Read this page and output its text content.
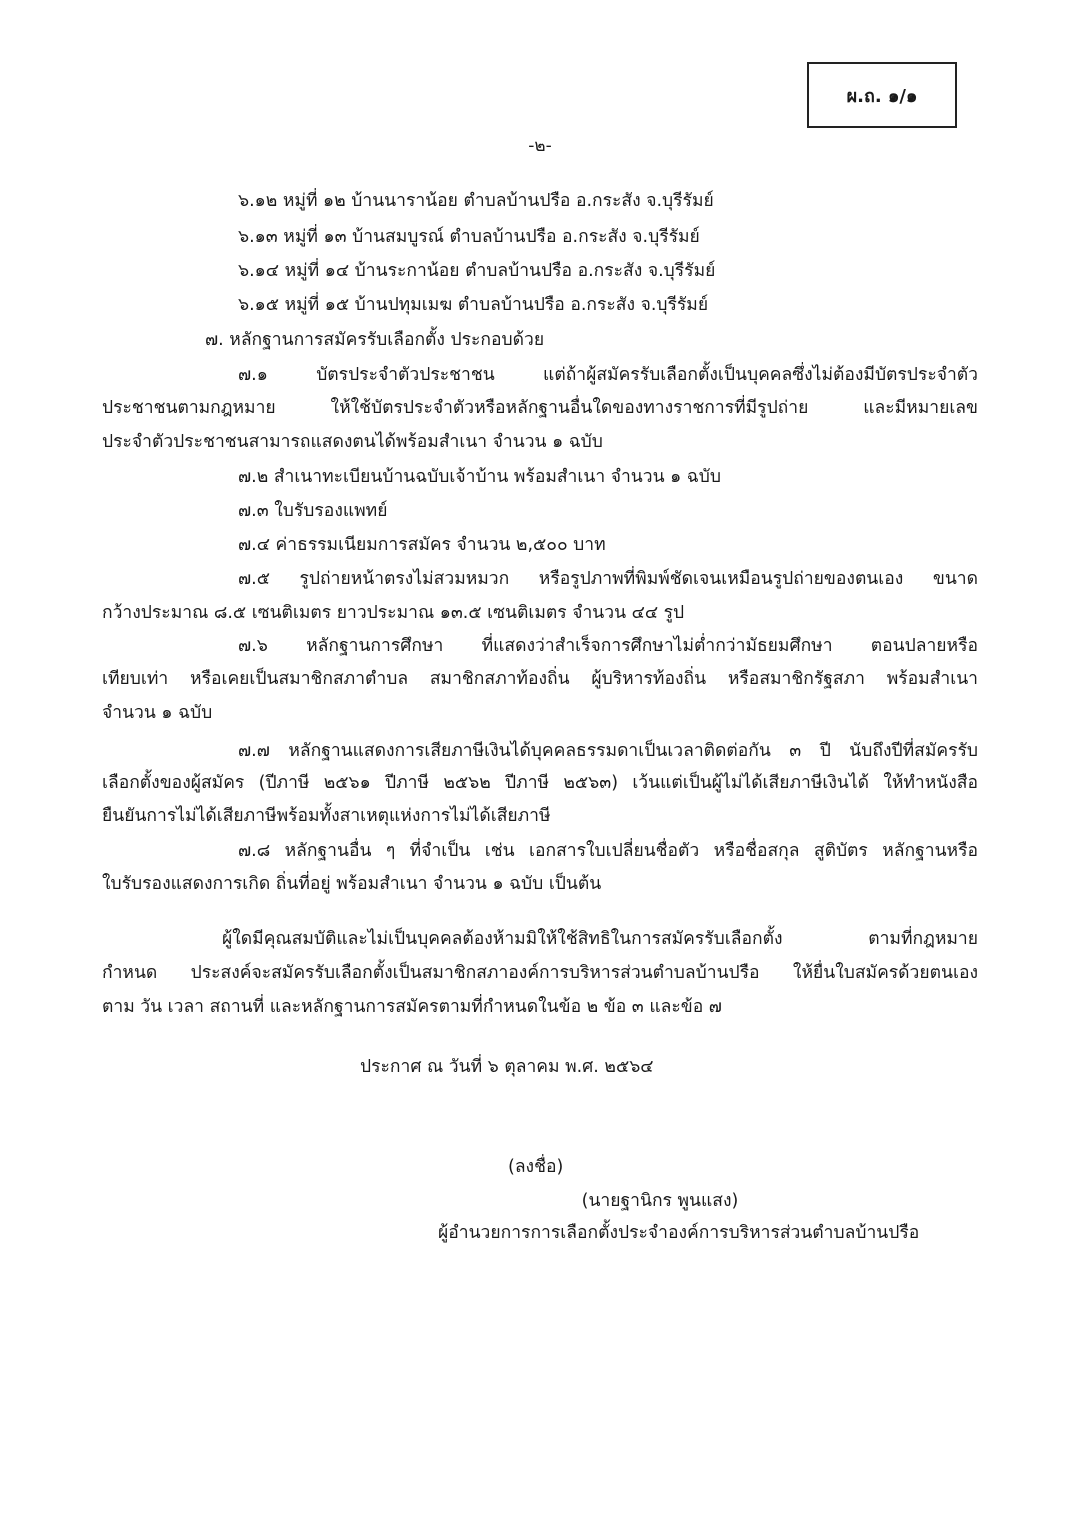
ผ.ถ. ๑/๑
-๒-
๖.๑๒ หมู่ที่ ๑๒ บ้านนาราน้อย ตำบลบ้านปรือ อ.กระสัง จ.บุรีรัมย์
๖.๑๓ หมู่ที่ ๑๓ บ้านสมบูรณ์ ตำบลบ้านปรือ อ.กระสัง จ.บุรีรัมย์
๖.๑๔ หมู่ที่ ๑๔ บ้านระกาน้อย ตำบลบ้านปรือ อ.กระสัง จ.บุรีรัมย์
๖.๑๕ หมู่ที่ ๑๕ บ้านปทุมเมฆ ตำบลบ้านปรือ อ.กระสัง จ.บุรีรัมย์
๗. หลักฐานการสมัครรับเลือกตั้ง ประกอบด้วย
๗.๑ บัตรประจำตัวประชาชน แต่ถ้าผู้สมัครรับเลือกตั้งเป็นบุคคลซึ่งไม่ต้องมีบัตรประจำตัว
ประชาชนตามกฎหมาย ให้ใช้บัตรประจำตัวหรือหลักฐานอื่นใดของทางราชการที่มีรูปถ่าย และมีหมายเลข
ประจำตัวประชาชนสามารถแสดงตนได้พร้อมสำเนา จำนวน ๑ ฉบับ
๗.๒ สำเนาทะเบียนบ้านฉบับเจ้าบ้าน พร้อมสำเนา จำนวน ๑ ฉบับ
๗.๓ ใบรับรองแพทย์
๗.๔ ค่าธรรมเนียมการสมัคร จำนวน ๒,๕๐๐ บาท
๗.๕ รูปถ่ายหน้าตรงไม่สวมหมวก หรือรูปภาพที่พิมพ์ชัดเจนเหมือนรูปถ่ายของตนเอง ขนาด
กว้างประมาณ ๘.๕ เซนติเมตร ยาวประมาณ ๑๓.๕ เซนติเมตร จำนวน ๔๔ รูป
๗.๖ หลักฐานการศึกษา ที่แสดงว่าสำเร็จการศึกษาไม่ต่ำกว่ามัธยมศึกษา ตอนปลายหรือ
เทียบเท่า หรือเคยเป็นสมาชิกสภาตำบล สมาชิกสภาท้องถิ่น ผู้บริหารท้องถิ่น หรือสมาชิกรัฐสภา พร้อมสำเนา
จำนวน ๑ ฉบับ
๗.๗ หลักฐานแสดงการเสียภาษีเงินได้บุคคลธรรมดาเป็นเวลาติดต่อกัน ๓ ปี นับถึงปีที่สมัครรับ
เลือกตั้งของผู้สมัคร (ปีภาษี ๒๕๖๑ ปีภาษี ๒๕๖๒ ปีภาษี ๒๕๖๓) เว้นแต่เป็นผู้ไม่ได้เสียภาษีเงินได้ ให้ทำหนังสือ
ยืนยันการไม่ได้เสียภาษีพร้อมทั้งสาเหตุแห่งการไม่ได้เสียภาษี
๗.๘ หลักฐานอื่น ๆ ที่จำเป็น เช่น เอกสารใบเปลี่ยนชื่อตัว หรือชื่อสกุล สูติบัตร หลักฐานหรือ
ใบรับรองแสดงการเกิด ถิ่นที่อยู่ พร้อมสำเนา จำนวน ๑ ฉบับ เป็นต้น
ผู้ใดมีคุณสมบัติและไม่เป็นบุคคลต้องห้ามมิให้ใช้สิทธิในการสมัครรับเลือกตั้ง ตามที่กฎหมาย
กำหนด ประสงค์จะสมัครรับเลือกตั้งเป็นสมาชิกสภาองค์การบริหารส่วนตำบลบ้านปรือ ให้ยื่นใบสมัครด้วยตนเอง
ตาม วัน เวลา สถานที่ และหลักฐานการสมัครตามที่กำหนดในข้อ ๒ ข้อ ๓ และข้อ ๗
ประกาศ ณ วันที่ ๖ ตุลาคม พ.ศ. ๒๕๖๔
(ลงชื่อ)
(นายฐานิกร พูนแสง)
ผู้อำนวยการการเลือกตั้งประจำองค์การบริหารส่วนตำบลบ้านปรือ
